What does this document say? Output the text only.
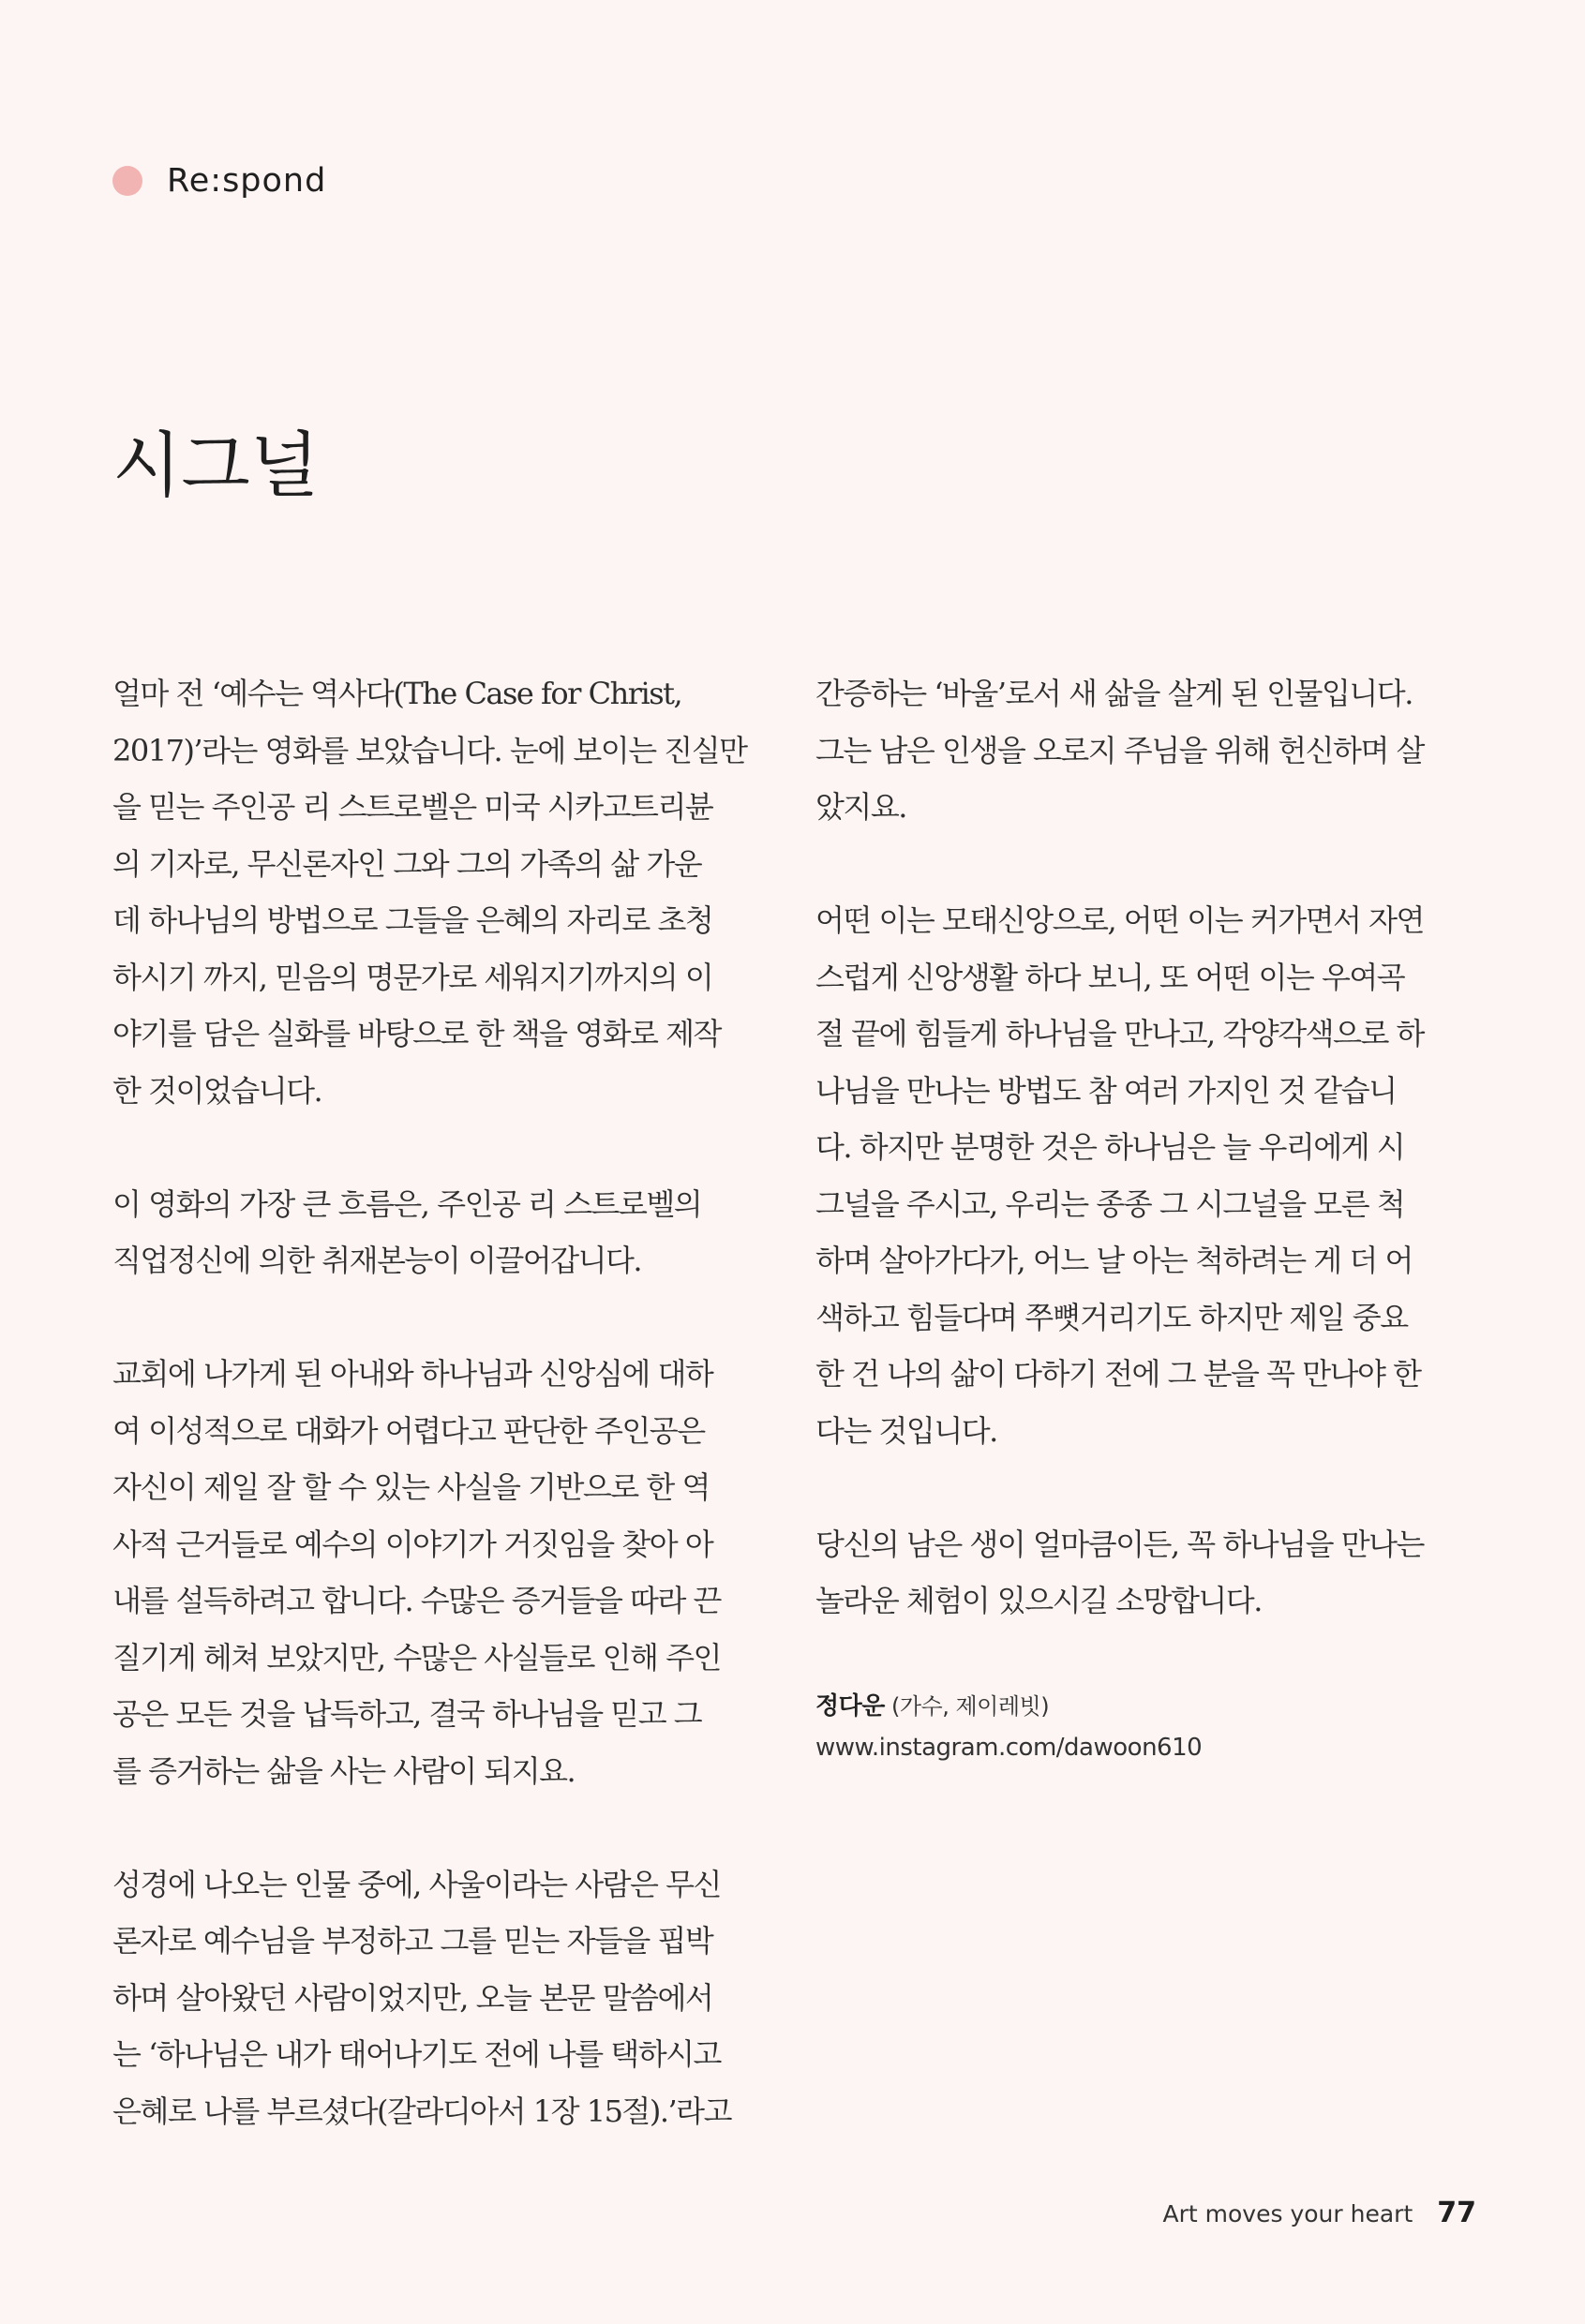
Re:spond
시그널

얼마 전 ‘예수는 역사다(The Case for Christ,
2017)’라는 영화를 보았습니다. 눈에 보이는 진실만
을 믿는 주인공 리 스트로벨은 미국 시카고트리뷴
의 기자로, 무신론자인 그와 그의 가족의 삶 가운
데 하나님의 방법으로 그들을 은혜의 자리로 초청
하시기 까지, 믿음의 명문가로 세워지기까지의 이
야기를 담은 실화를 바탕으로 한 책을 영화로 제작
한 것이었습니다.

이 영화의 가장 큰 흐름은, 주인공 리 스트로벨의
직업정신에 의한 취재본능이 이끌어갑니다.

교회에 나가게 된 아내와 하나님과 신앙심에 대하
여 이성적으로 대화가 어렵다고 판단한 주인공은
자신이 제일 잘 할 수 있는 사실을 기반으로 한 역
사적 근거들로 예수의 이야기가 거짓임을 찾아 아
내를 설득하려고 합니다. 수많은 증거들을 따라 끈
질기게 헤쳐 보았지만, 수많은 사실들로 인해 주인
공은 모든 것을 납득하고, 결국 하나님을 믿고 그
를 증거하는 삶을 사는 사람이 되지요.

성경에 나오는 인물 중에, 사울이라는 사람은 무신
론자로 예수님을 부정하고 그를 믿는 자들을 핍박
하며 살아왔던 사람이었지만, 오늘 본문 말씀에서
는 ‘하나님은 내가 태어나기도 전에 나를 택하시고
은혜로 나를 부르셨다(갈라디아서 1장 15절).’라고

간증하는 ‘바울’로서 새 삶을 살게 된 인물입니다.
그는 남은 인생을 오로지 주님을 위해 헌신하며 살
았지요.

어떤 이는 모태신앙으로, 어떤 이는 커가면서 자연
스럽게 신앙생활 하다 보니, 또 어떤 이는 우여곡
절 끝에 힘들게 하나님을 만나고, 각양각색으로 하
나님을 만나는 방법도 참 여러 가지인 것 같습니
다. 하지만 분명한 것은 하나님은 늘 우리에게 시
그널을 주시고, 우리는 종종 그 시그널을 모른 척
하며 살아가다가, 어느 날 아는 척하려는 게 더 어
색하고 힘들다며 쭈뼛거리기도 하지만 제일 중요
한 건 나의 삶이 다하기 전에 그 분을 꼭 만나야 한
다는 것입니다.

당신의 남은 생이 얼마큼이든, 꼭 하나님을 만나는
놀라운 체험이 있으시길 소망합니다.

정다운 (가수, 제이레빗)
www.instagram.com/dawoon610
Art moves your heart 77
